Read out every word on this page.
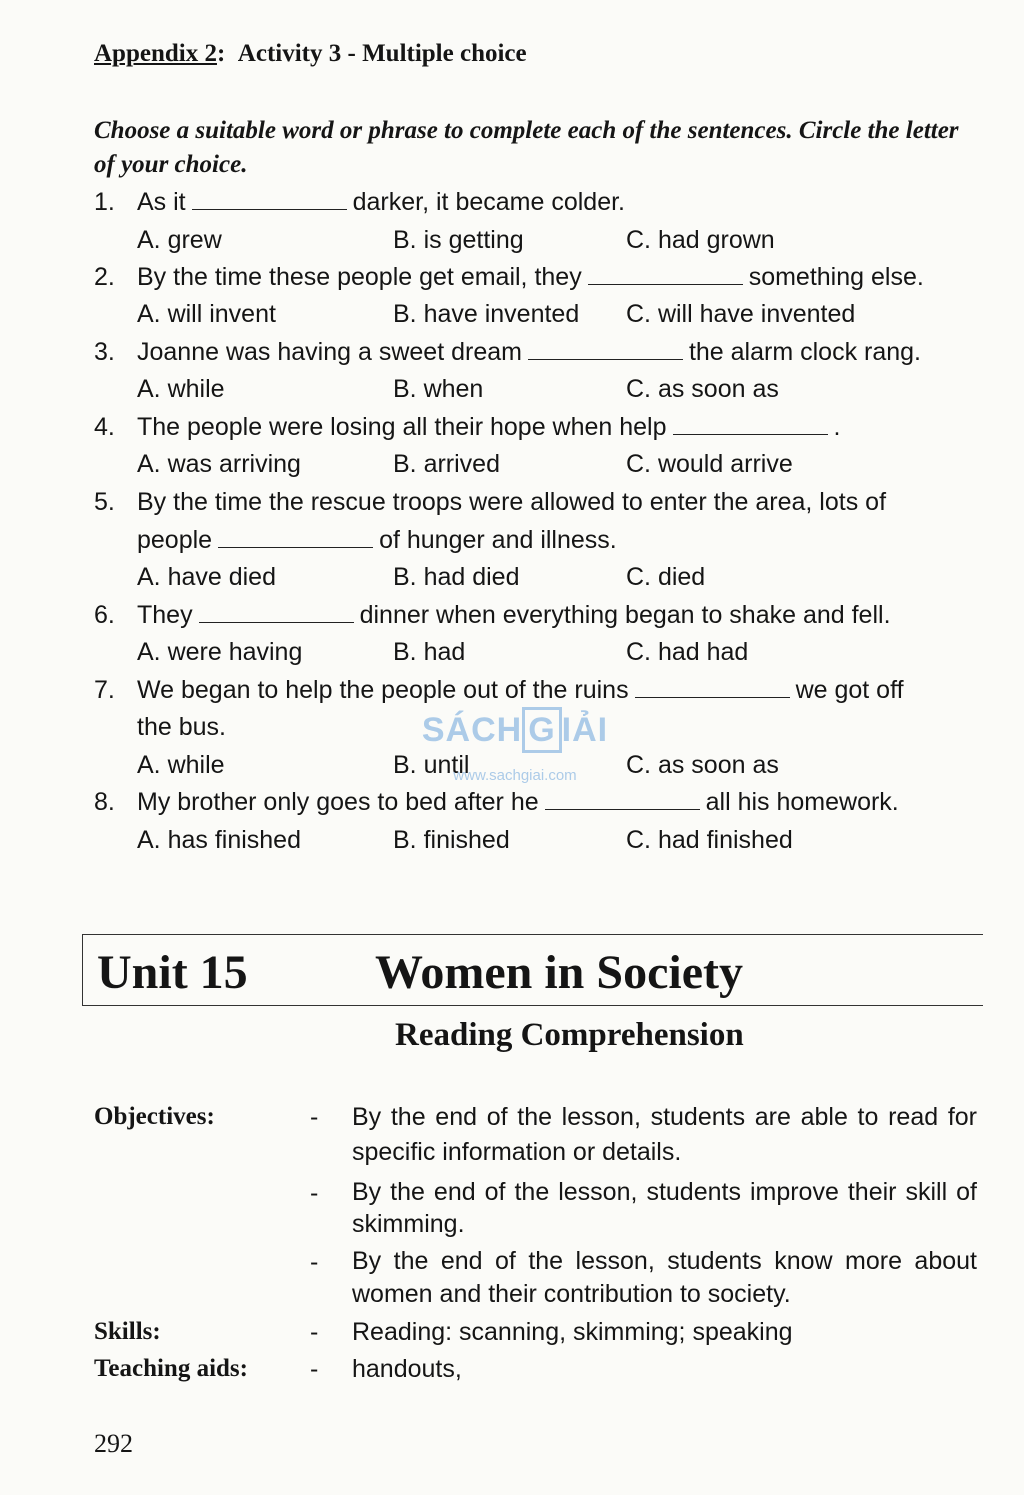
Appendix 2: Activity 3 - Multiple choice
Choose a suitable word or phrase to complete each of the sentences. Circle the letter of your choice.
1. As it	darker, it became colder.
A. grew	B. is getting	C. had grown
2. By the time these people get email, they	something else.
A. will invent	B. have invented C. will have invented
3. Joanne was having a sweet dream	the alarm clock rang.
A. while	B. when	C. as soon as
4. The people were losing all their hope when help	.
A. was arriving	B. arrived	C. would arrive
5. By the time the rescue troops were allowed to enter the area, lots of
people	of hunger and illness.
A. have died	B. had died	C. died
6. They	dinner when everything began to shake and fell.
A. were having	B. had	C. had had
7. We began to help the people out of the ruins	we got off
the bus.
A. while	B. until	C. as soon as
8. My brother only goes to bed after he	all his homework.
A. has finished	B. finished	C. had finished
SÁCH G IẢI
www.sachgiai.com
Unit 15	Women in Society
Reading Comprehension
Objectives:	- By the end of the lesson, students are able to read for specific information or details.
- By the end of the lesson, students improve their skill of skimming.
- By the end of the lesson, students know more about women and their contribution to society.
Skills:	- Reading: scanning, skimming; speaking
Teaching aids: - handouts,
292
